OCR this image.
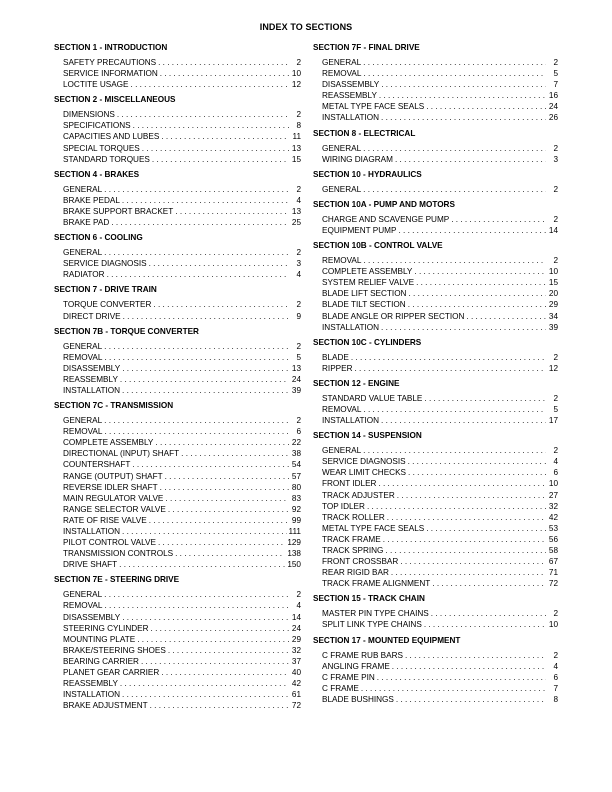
INDEX TO SECTIONS
SECTION 1 - INTRODUCTION
SAFETY PRECAUTIONS . . .	2
SERVICE INFORMATION . . .	10
LOCTITE USAGE . . .	12
SECTION 2 - MISCELLANEOUS
DIMENSIONS . . .	2
SPECIFICATIONS . . .	8
CAPACITIES AND LUBES . . .	11
SPECIAL TORQUES . . .	13
STANDARD TORQUES . . .	15
SECTION 4 - BRAKES
GENERAL . . .	2
BRAKE PEDAL . . .	4
BRAKE SUPPORT BRACKET . . .	13
BRAKE PAD . . .	25
SECTION 6 - COOLING
GENERAL . . .	2
SERVICE DIAGNOSIS . . .	3
RADIATOR . . .	4
SECTION 7 - DRIVE TRAIN
TORQUE CONVERTER . . .	2
DIRECT DRIVE . . .	9
SECTION 7B - TORQUE CONVERTER
GENERAL . . .	2
REMOVAL . . .	5
DISASSEMBLY . . .	13
REASSEMBLY . . .	24
INSTALLATION . . .	39
SECTION 7C - TRANSMISSION
GENERAL . . .	2
REMOVAL . . .	6
COMPLETE ASSEMBLY . . .	22
DIRECTIONAL (INPUT) SHAFT . . .	38
COUNTERSHAFT . . .	54
RANGE (OUTPUT) SHAFT . . .	57
REVERSE IDLER SHAFT . . .	80
MAIN REGULATOR VALVE . . .	83
RANGE SELECTOR VALVE . . .	92
RATE OF RISE VALVE . . .	99
INSTALLATION . . .	111
PILOT CONTROL VALVE . . .	129
TRANSMISSION CONTROLS . . .	138
DRIVE SHAFT . . .	150
SECTION 7E - STEERING DRIVE
GENERAL . . .	2
REMOVAL . . .	4
DISASSEMBLY . . .	14
STEERING CYLINDER . . .	24
MOUNTING PLATE . . .	29
BRAKE/STEERING SHOES . . .	32
BEARING CARRIER . . .	37
PLANET GEAR CARRIER . . .	40
REASSEMBLY . . .	42
INSTALLATION . . .	61
BRAKE ADJUSTMENT . . .	72
SECTION 7F - FINAL DRIVE
GENERAL . . .	2
REMOVAL . . .	5
DISASSEMBLY . . .	7
REASSEMBLY . . .	16
METAL TYPE FACE SEALS . . .	24
INSTALLATION . . .	26
SECTION 8 - ELECTRICAL
GENERAL . . .	2
WIRING DIAGRAM . . .	3
SECTION 10 - HYDRAULICS
GENERAL . . .	2
SECTION 10A - PUMP AND MOTORS
CHARGE AND SCAVENGE PUMP . . .	2
EQUIPMENT PUMP . . .	14
SECTION 10B - CONTROL VALVE
REMOVAL . . .	2
COMPLETE ASSEMBLY . . .	10
SYSTEM RELIEF VALVE . . .	15
BLADE LIFT SECTION . . .	20
BLADE TILT SECTION . . .	29
BLADE ANGLE OR RIPPER SECTION . . .	34
INSTALLATION . . .	39
SECTION 10C - CYLINDERS
BLADE . . .	2
RIPPER . . .	12
SECTION 12 - ENGINE
STANDARD VALUE TABLE . . .	2
REMOVAL . . .	5
INSTALLATION . . .	17
SECTION 14 - SUSPENSION
GENERAL . . .	2
SERVICE DIAGNOSIS . . .	4
WEAR LIMIT CHECKS . . .	6
FRONT IDLER . . .	10
TRACK ADJUSTER . . .	27
TOP IDLER . . .	32
TRACK ROLLER . . .	42
METAL TYPE FACE SEALS . . .	53
TRACK FRAME . . .	56
TRACK SPRING . . .	58
FRONT CROSSBAR . . .	67
REAR RIGID BAR . . .	71
TRACK FRAME ALIGNMENT . . .	72
SECTION 15 - TRACK CHAIN
MASTER PIN TYPE CHAINS . . .	2
SPLIT LINK TYPE CHAINS . . .	10
SECTION 17 - MOUNTED EQUIPMENT
C FRAME RUB BARS . . .	2
ANGLING FRAME . . .	4
C FRAME PIN . . .	6
C FRAME . . .	7
BLADE BUSHINGS . . .	8
